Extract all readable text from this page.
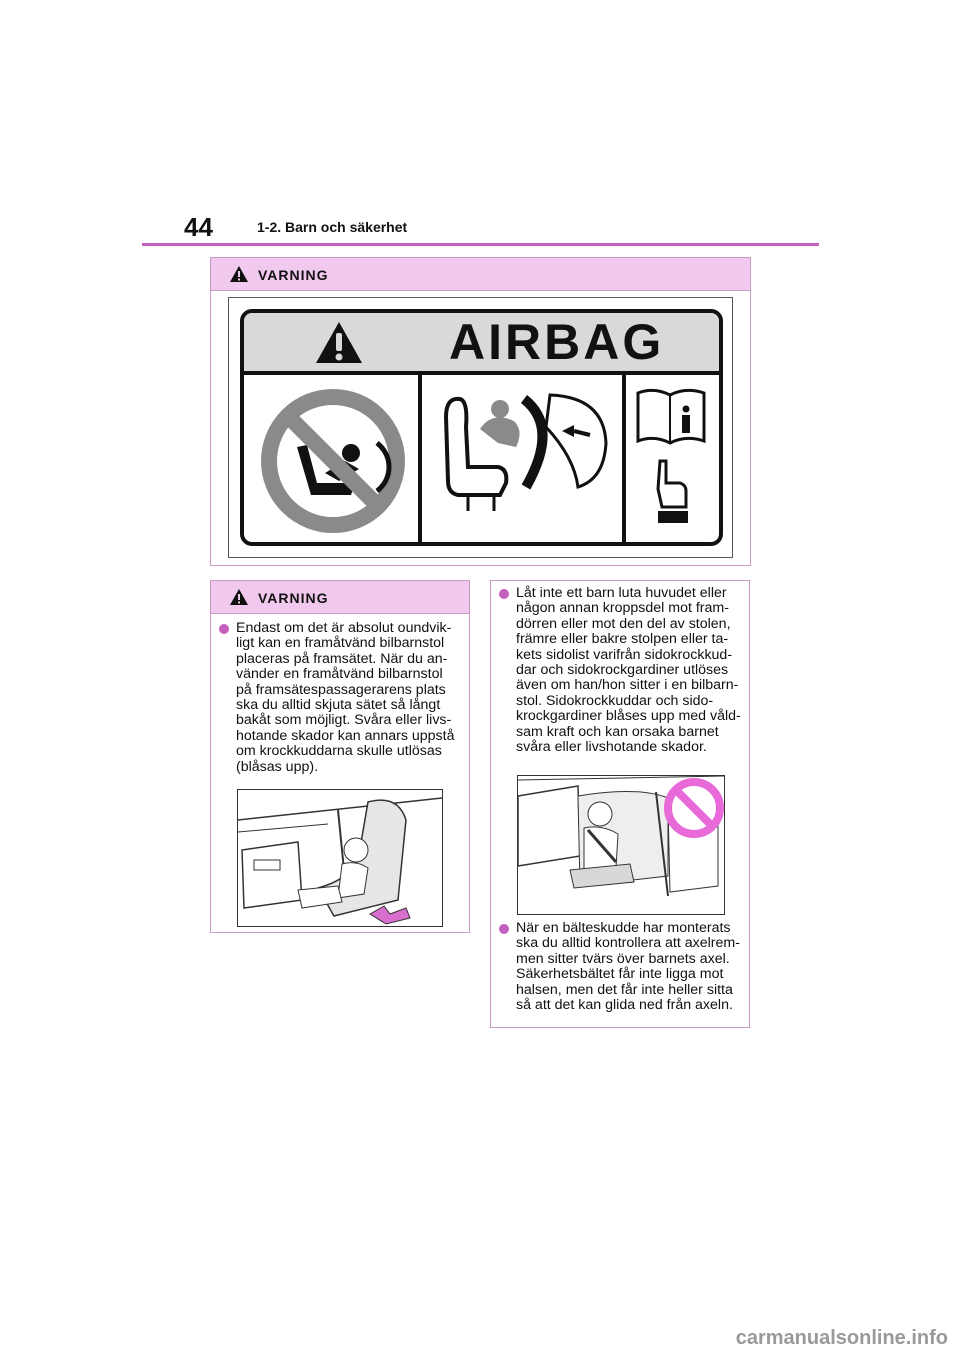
44	1-2. Barn och säkerhet
VARNING
AIRBAG
VARNING
Endast om det är absolut oundvik-
ligt kan en framåtvänd bilbarnstol
placeras på framsätet. När du an-
vänder en framåtvänd bilbarnstol
på framsätespassagerarens plats
ska du alltid skjuta sätet så långt
bakåt som möjligt. Svåra eller livs-
hotande skador kan annars uppstå
om krockkuddarna skulle utlösas
(blåsas upp).
Låt inte ett barn luta huvudet eller
någon annan kroppsdel mot fram-
dörren eller mot den del av stolen,
främre eller bakre stolpen eller ta-
kets sidolist varifrån sidokrockkud-
dar och sidokrockgardiner utlöses
även om han/hon sitter i en bilbarn-
stol. Sidokrockkuddar och sido-
krockgardiner blåses upp med våld-
sam kraft och kan orsaka barnet
svåra eller livshotande skador.
När en bälteskudde har monterats
ska du alltid kontrollera att axelrem-
men sitter tvärs över barnets axel.
Säkerhetsbältet får inte ligga mot
halsen, men det får inte heller sitta
så att det kan glida ned från axeln.
carmanualsonline.info
